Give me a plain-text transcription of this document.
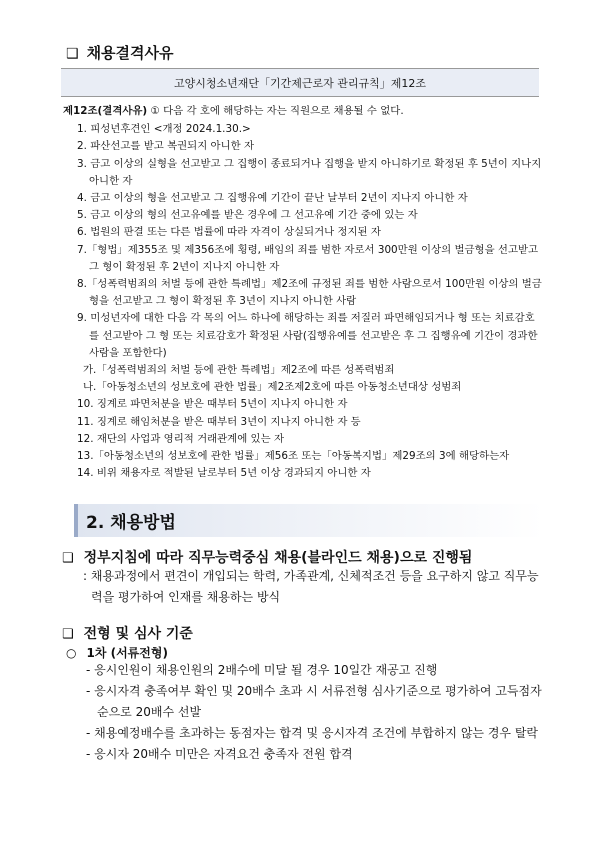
❑ 채용결격사유
고양시청소년재단「기간제근로자 관리규칙」제12조

제12조(결격사유) ① 다음 각 호에 해당하는 자는 직원으로 채용될 수 없다.

1. 피성년후견인 <개정 2024.1.30.>
2. 파산선고를 받고 복권되지 아니한 자
3. 금고 이상의 실형을 선고받고 그 집행이 종료되거나 집행을 받지 아니하기로 확정된 후 5년이 지나지 아니한 자
4. 금고 이상의 형을 선고받고 그 집행유예 기간이 끝난 날부터 2년이 지나지 아니한 자
5. 금고 이상의 형의 선고유예를 받은 경우에 그 선고유예 기간 중에 있는 자
6. 법원의 판결 또는 다른 법률에 따라 자격이 상실되거나 정지된 자
7.「형법」제355조 및 제356조에 횡령, 배임의 죄를 범한 자로서 300만원 이상의 벌금형을 선고받고 그 형이 확정된 후 2년이 지나지 아니한 자
8.「성폭력범죄의 처벌 등에 관한 특례법」제2조에 규정된 죄를 범한 사람으로서 100만원 이상의 벌금형을 선고받고 그 형이 확정된 후 3년이 지나지 아니한 사람
9. 미성년자에 대한 다음 각 목의 어느 하나에 해당하는 죄를 저질러 파면해임되거나 형 또는 치료감호를 선고받아 그 형 또는 치료감호가 확정된 사람(집행유예를 선고받은 후 그 집행유예 기간이 경과한 사람을 포함한다)
가.「성폭력범죄의 처벌 등에 관한 특례법」제2조에 따른 성폭력범죄
나.「아동청소년의 성보호에 관한 법률」제2조제2호에 따른 아동청소년대상 성범죄
10. 징계로 파면처분을 받은 때부터 5년이 지나지 아니한 자
11. 징계로 해임처분을 받은 때부터 3년이 지나지 아니한 자 등
12. 재단의 사업과 영리적 거래관계에 있는 자
13.「아동청소년의 성보호에 관한 법률」제56조 또는「아동복지법」제29조의 3에 해당하는자
14. 비위 채용자로 적발된 날로부터 5년 이상 경과되지 아니한 자
2. 채용방법
❑ 정부지침에 따라 직무능력중심 채용(블라인드 채용)으로 진행됨
: 채용과정에서 편견이 개입되는 학력, 가족관계, 신체적조건 등을 요구하지 않고 직무능력을 평가하여 인재를 채용하는 방식
❑ 전형 및 심사 기준
○ 1차 (서류전형)
- 응시인원이 채용인원의 2배수에 미달 될 경우 10일간 재공고 진행
- 응시자격 충족여부 확인 및 20배수 초과 시 서류전형 심사기준으로 평가하여 고득점자 순으로 20배수 선발
- 채용예정배수를 초과하는 동점자는 합격 및 응시자격 조건에 부합하지 않는 경우 탈락
- 응시자 20배수 미만은 자격요건 충족자 전원 합격
